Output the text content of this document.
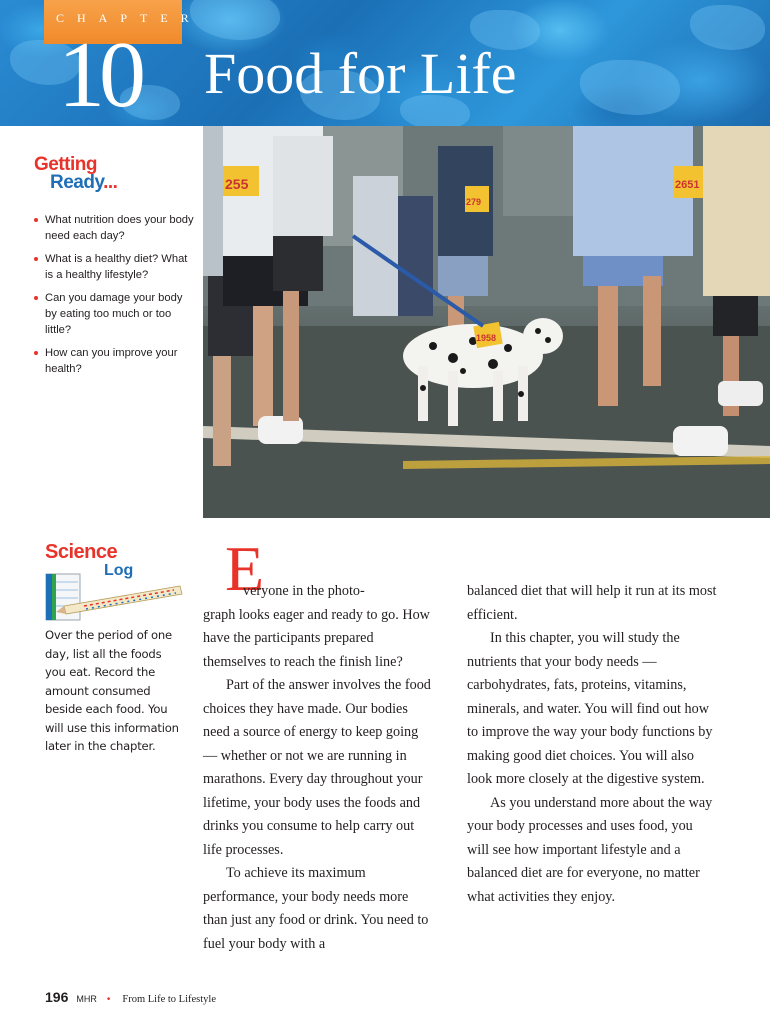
CHAPTER
10 Food for Life
255
279
1958
2651
Getting
Ready...
What nutrition does your body need each day?
What is a healthy diet? What is a healthy lifestyle?
Can you damage your body by eating too much or too little?
How can you improve your health?
Science
Log
Over the period of one day, list all the foods you eat. Record the amount consumed beside each food. You will use this information later in the chapter.
E

veryone in the photo-
graph looks eager and ready to go. How have the participants prepared themselves to reach the finish line?

Part of the answer involves the food choices they have made. Our bodies need a source of energy to keep going — whether or not we are running in marathons. Every day throughout your lifetime, your body uses the foods and drinks you consume to help carry out life processes.

To achieve its maximum performance, your body needs more than just any food or drink. You need to fuel your body with a

balanced diet that will help it run at its most efficient.

In this chapter, you will study the nutrients that your body needs — carbohydrates, fats, proteins, vitamins, minerals, and water. You will find out how to improve the way your body functions by making good diet choices. You will also look more closely at the digestive system.

As you understand more about the way your body processes and uses food, you will see how important lifestyle and a balanced diet are for everyone, no matter what activities they enjoy.

196 MHR • From Life to Lifestyle
